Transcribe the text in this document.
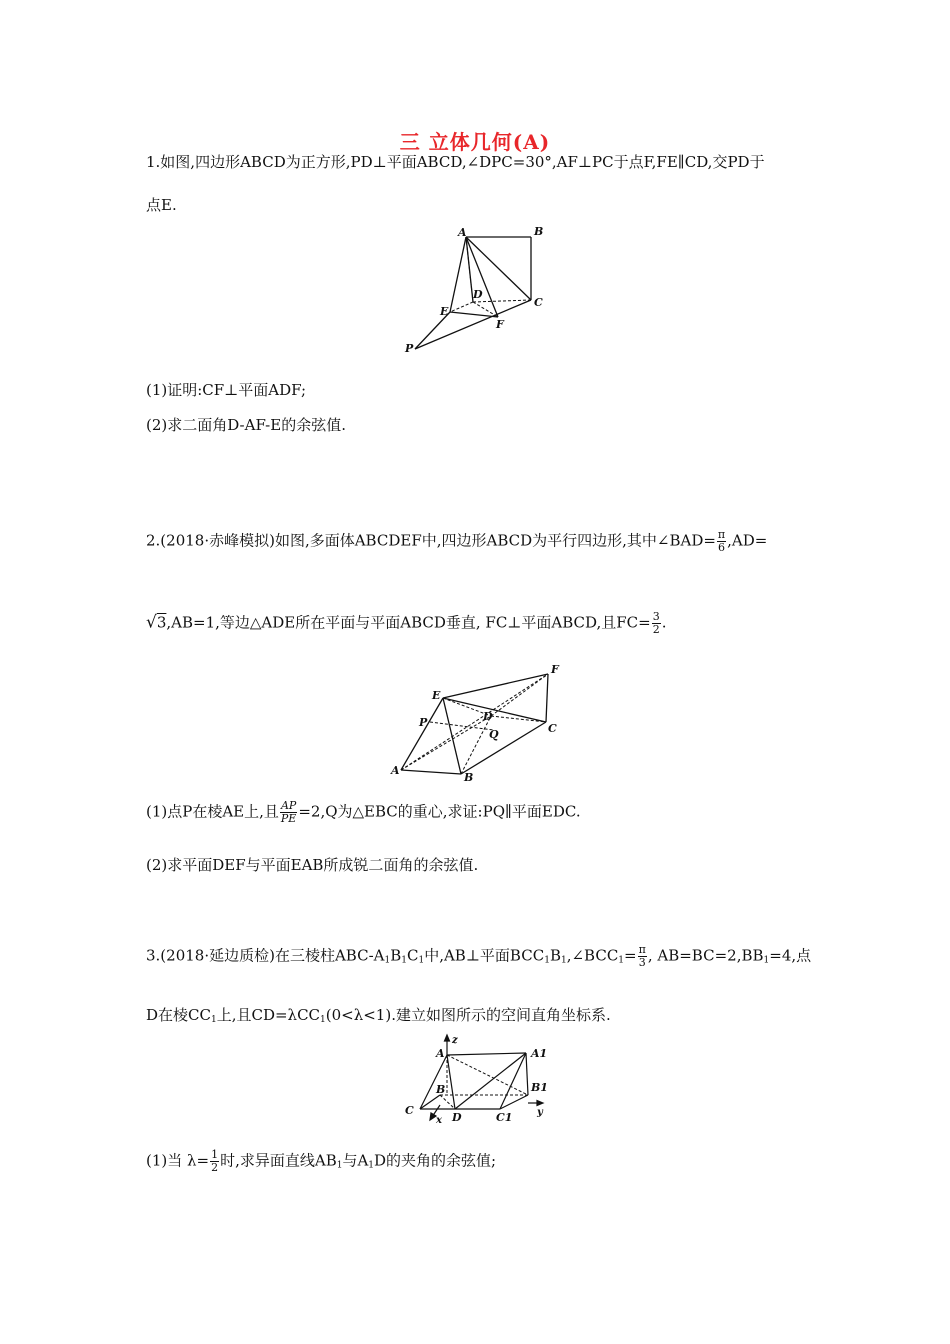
三 立体几何(A)
1.如图,四边形ABCD为正方形,PD⊥平面ABCD,∠DPC=30°,AF⊥PC于点F,FE∥CD,交PD于
点E.
A	B
D
C
E
F
P
(1)证明:CF⊥平面ADF;
(2)求二面角D-AF-E的余弦值.
2.(2018·赤峰模拟)如图,多面体ABCDEF中,四边形ABCD为平行四边形,其中∠BAD= $\frac{\pi}{6} ,AD=$
√3,AB=1,等边△ADE所在平面与平面ABCD垂直, FC⊥平面ABCD,且$FC= \frac{3}{2}$ .
F
E
P	D
Q	C
A
B
(1)点P在棱AE上,且 $\frac{AP}{PE} =2,Q$为△EBC的重心,求证:PQ∥平面EDC.
(2)求平面DEF与平面EAB所成锐二面角的余弦值.
3.(2018·延边质检)在三棱柱ABC-$A_1B_1C_1$中,AB⊥平面$BCC_1B_1,\angle BCC_1= \frac{\pi}{3}$ , $AB=BC=2,BB_1=4$,点
D在棱$CC_1$上,且CD=λCC$_1$(0<λ<1).建立如图所示的空间直角坐标系.
z
A	A1
B	B1
C
D	C1
x
y
(1)当 $\lambda= \frac{1}{2}$ 时,求异面直线$AB_1$与$A_1D$的夹角的余弦值;
